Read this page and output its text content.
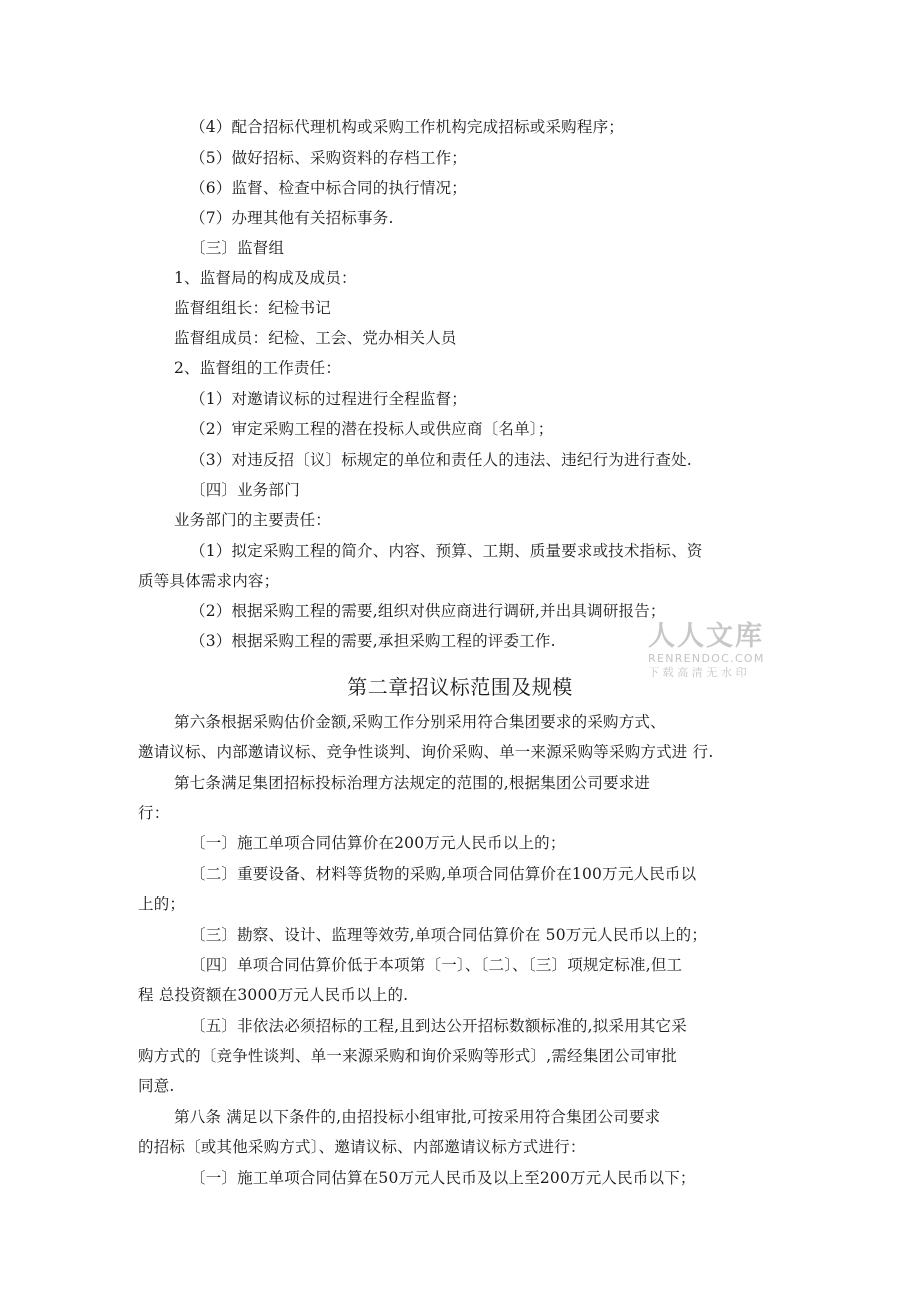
（4）配合招标代理机构或采购工作机构完成招标或采购程序；
（5）做好招标、采购资料的存档工作；
（6）监督、检查中标合同的执行情况；
（7）办理其他有关招标事务.
〔三〕监督组
1、监督局的构成及成员：
监督组组长：纪检书记
监督组成员：纪检、工会、党办相关人员
2、监督组的工作责任：
（1）对邀请议标的过程进行全程监督；
（2）审定采购工程的潜在投标人或供应商〔名单〕；
（3）对违反招〔议〕标规定的单位和责任人的违法、违纪行为进行查处.
〔四〕业务部门
业务部门的主要责任：
（1）拟定采购工程的简介、内容、预算、工期、质量要求或技术指标、资
质等具体需求内容；
（2）根据采购工程的需要,组织对供应商进行调研,并出具调研报告；
（3）根据采购工程的需要,承担采购工程的评委工作.
第二章招议标范围及规模
第六条根据采购估价金额,采购工作分别采用符合集团要求的采购方式、
邀请议标、内部邀请议标、竞争性谈判、询价采购、单一来源采购等采购方式进 行.
第七条满足集团招标投标治理方法规定的范围的,根据集团公司要求进
行：
〔一〕施工单项合同估算价在200万元人民币以上的；
〔二〕重要设备、材料等货物的采购,单项合同估算价在100万元人民币以
上的；
〔三〕勘察、设计、监理等效劳,单项合同估算价在 50万元人民币以上的；
〔四〕单项合同估算价低于本项第〔一〕、〔二〕、〔三〕项规定标准,但工
程 总投资额在3000万元人民币以上的.
〔五〕非依法必须招标的工程,且到达公开招标数额标准的,拟采用其它采
购方式的〔竞争性谈判、单一来源采购和询价采购等形式〕,需经集团公司审批
同意.
第八条 满足以下条件的,由招投标小组审批,可按采用符合集团公司要求
的招标〔或其他采购方式〕、邀请议标、内部邀请议标方式进行：
〔一〕施工单项合同估算在50万元人民币及以上至200万元人民币以下；
人人文库
RENRENDOC.COM
下载高清无水印
